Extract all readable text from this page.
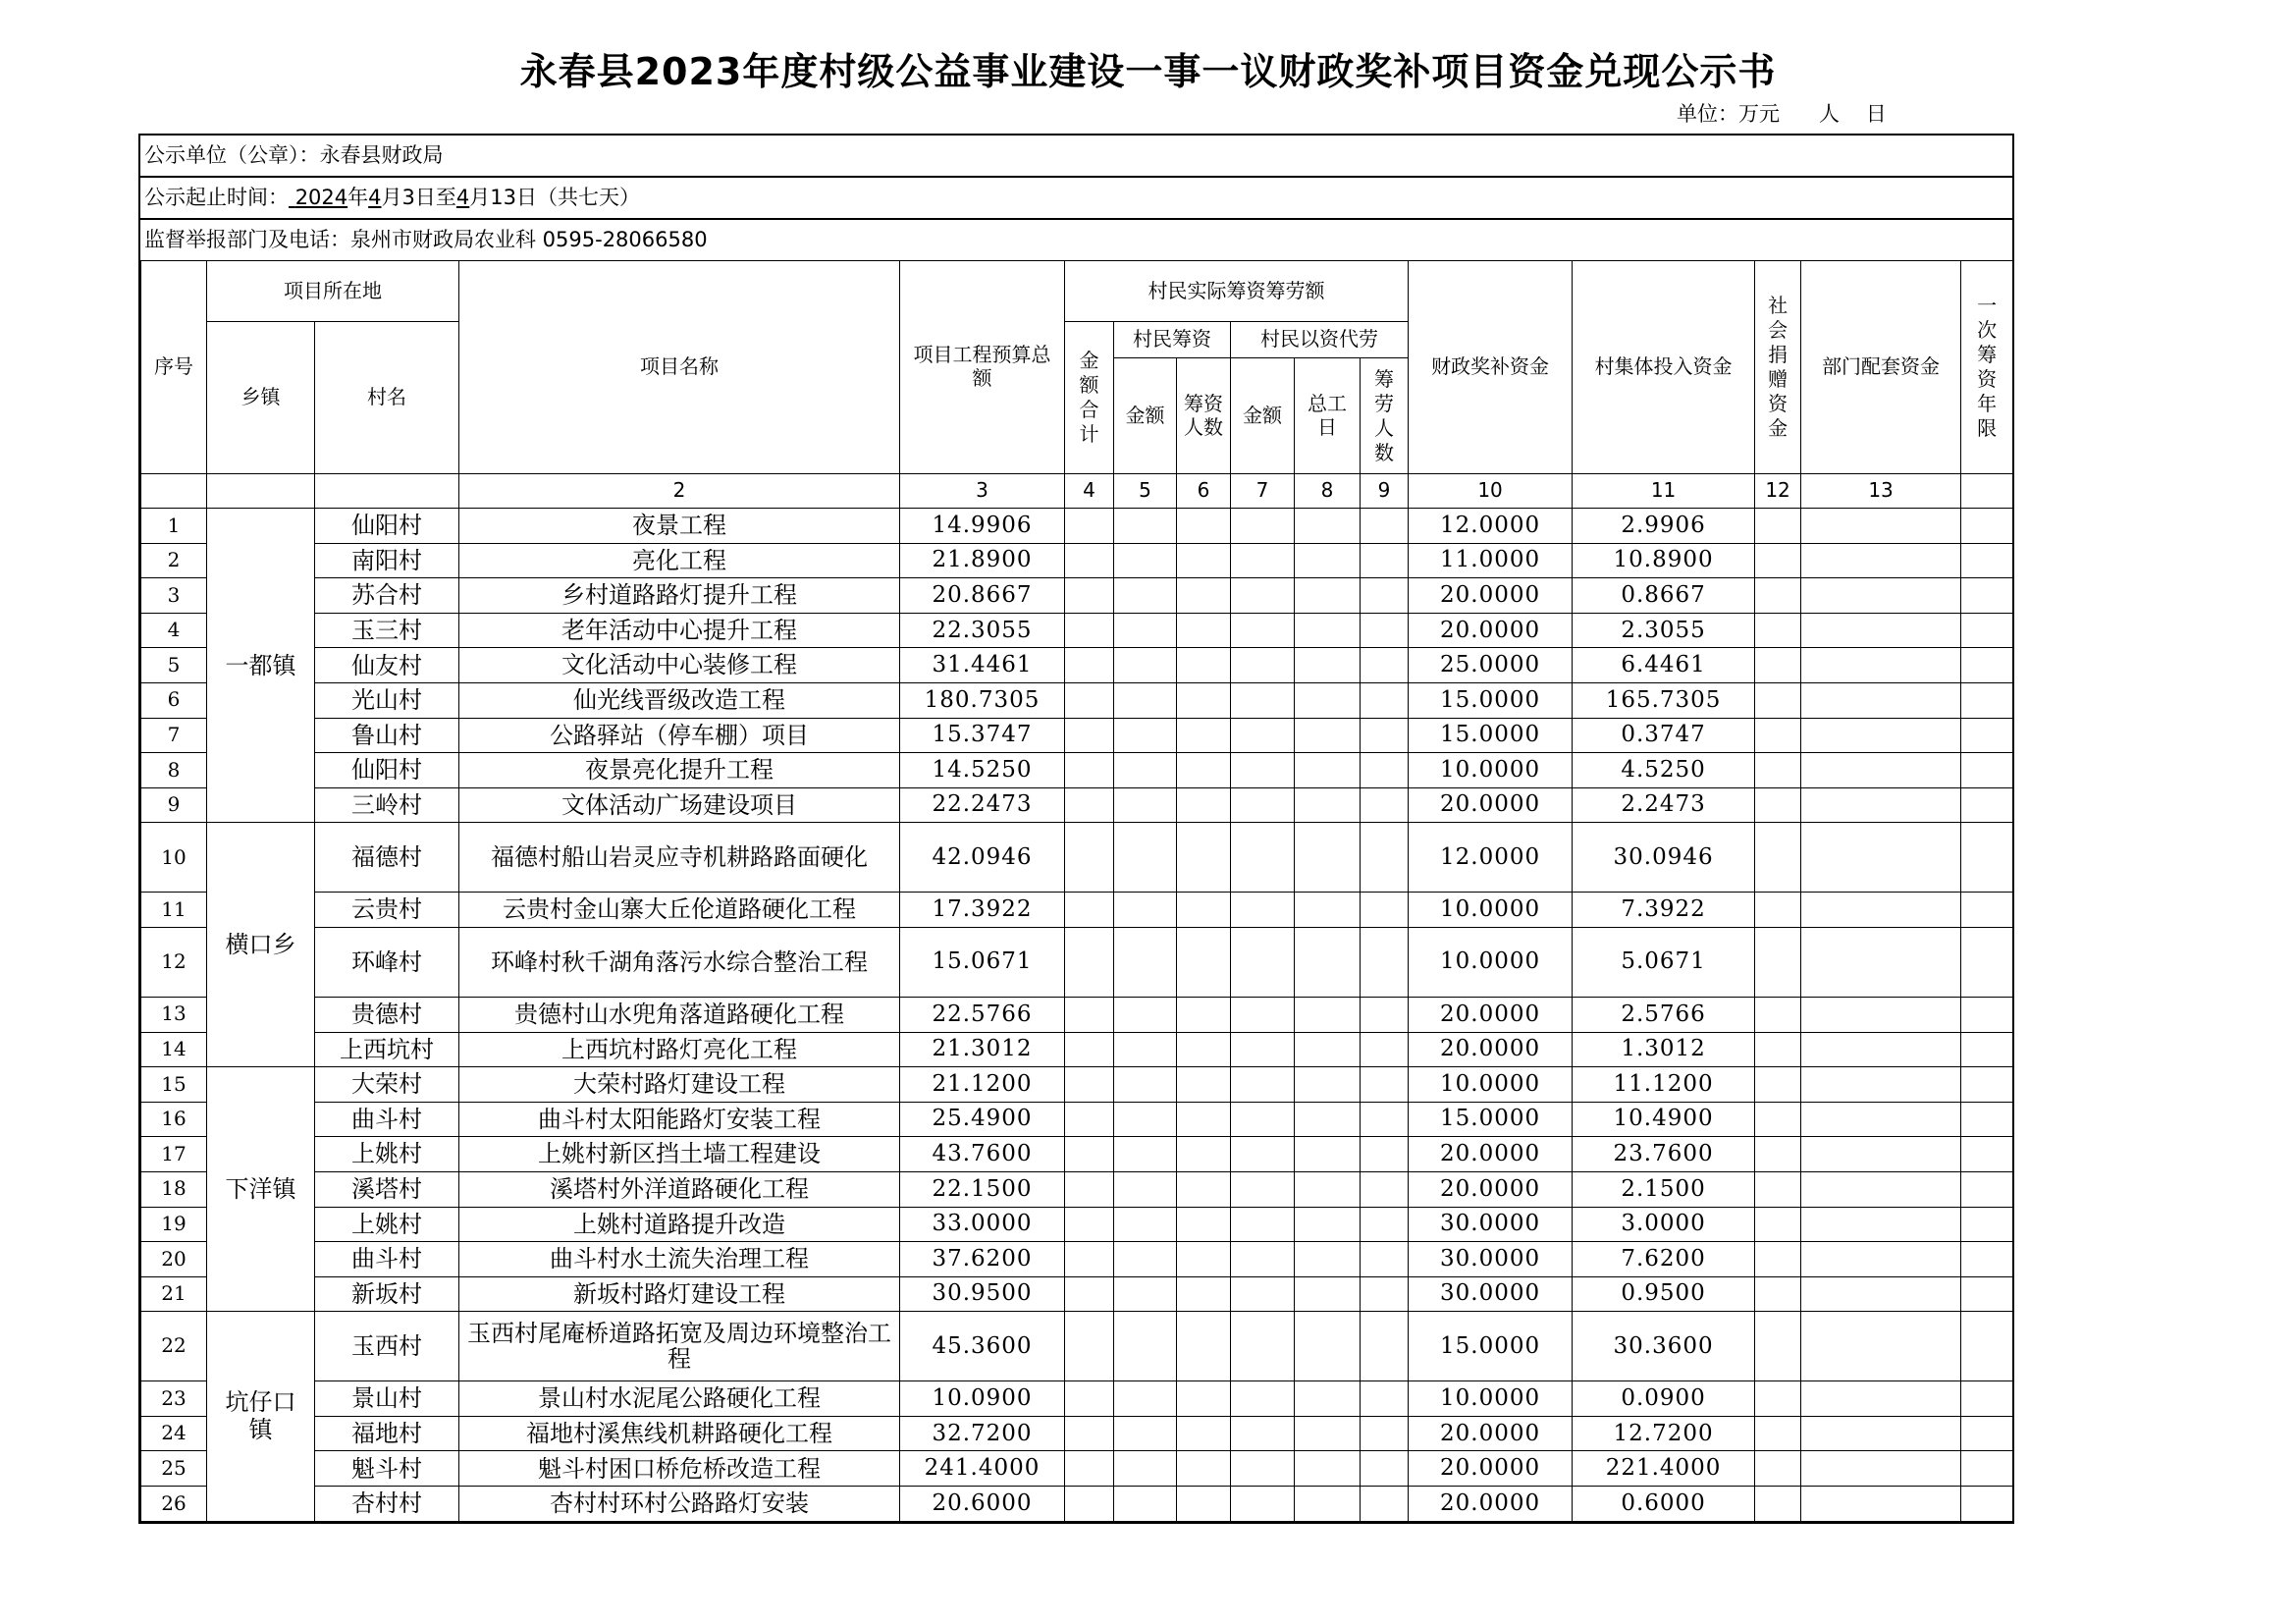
永春县2023年度村级公益事业建设一事一议财政奖补项目资金兑现公示书
单位：万元      人    日
公示单位（公章）：永春县财政局
公示起止时间： 2024年4月3日至4月13日（共七天）
监督举报部门及电话：泉州市财政局农业科 0595-28066580
序号	项目所在地		项目名称	项目工程预算总额	村民实际筹资筹劳额						财政奖补资金	村集体投入资金	社会捐赠资金	部门配套资金	一次筹资年限

	乡镇	村名			金额合计	村民筹资		村民以资代劳							
						金额	筹资人数	金额	总工日	筹劳人数					

			2	3	4	5	6	7	8	9	10	11	12	13	
1	一都镇	仙阳村	夜景工程	14.9906							12.0000	2.9906			
2		南阳村	亮化工程	21.8900							11.0000	10.8900			
3		苏合村	乡村道路路灯提升工程	20.8667							20.0000	0.8667			
4		玉三村	老年活动中心提升工程	22.3055							20.0000	2.3055			
5		仙友村	文化活动中心装修工程	31.4461							25.0000	6.4461			
6		光山村	仙光线晋级改造工程	180.7305							15.0000	165.7305			
7		鲁山村	公路驿站（停车棚）项目	15.3747							15.0000	0.3747			
8		仙阳村	夜景亮化提升工程	14.5250							10.0000	4.5250			
9		三岭村	文体活动广场建设项目	22.2473							20.0000	2.2473			
10	横口乡	福德村	福德村船山岩灵应寺机耕路路面硬化	42.0946							12.0000	30.0946			
11		云贵村	云贵村金山寨大丘伦道路硬化工程	17.3922							10.0000	7.3922			
12		环峰村	环峰村秋千湖角落污水综合整治工程	15.0671							10.0000	5.0671			
13		贵德村	贵德村山水兜角落道路硬化工程	22.5766							20.0000	2.5766			
14		上西坑村	上西坑村路灯亮化工程	21.3012							20.0000	1.3012			
15	下洋镇	大荣村	大荣村路灯建设工程	21.1200							10.0000	11.1200			
16		曲斗村	曲斗村太阳能路灯安装工程	25.4900							15.0000	10.4900			
17		上姚村	上姚村新区挡土墙工程建设	43.7600							20.0000	23.7600			
18		溪塔村	溪塔村外洋道路硬化工程	22.1500							20.0000	2.1500			
19		上姚村	上姚村道路提升改造	33.0000							30.0000	3.0000			
20		曲斗村	曲斗村水土流失治理工程	37.6200							30.0000	7.6200			
21		新坂村	新坂村路灯建设工程	30.9500							30.0000	0.9500			
22	坑仔口镇	玉西村	玉西村尾庵桥道路拓宽及周边环境整治工程	45.3600							15.0000	30.3600			
23		景山村	景山村水泥尾公路硬化工程	10.0900							10.0000	0.0900			
24		福地村	福地村溪焦线机耕路硬化工程	32.7200							20.0000	12.7200			
25		魁斗村	魁斗村困口桥危桥改造工程	241.4000							20.0000	221.4000			
26		杏村村	杏村村环村公路路灯安装	20.6000							20.0000	0.6000			
